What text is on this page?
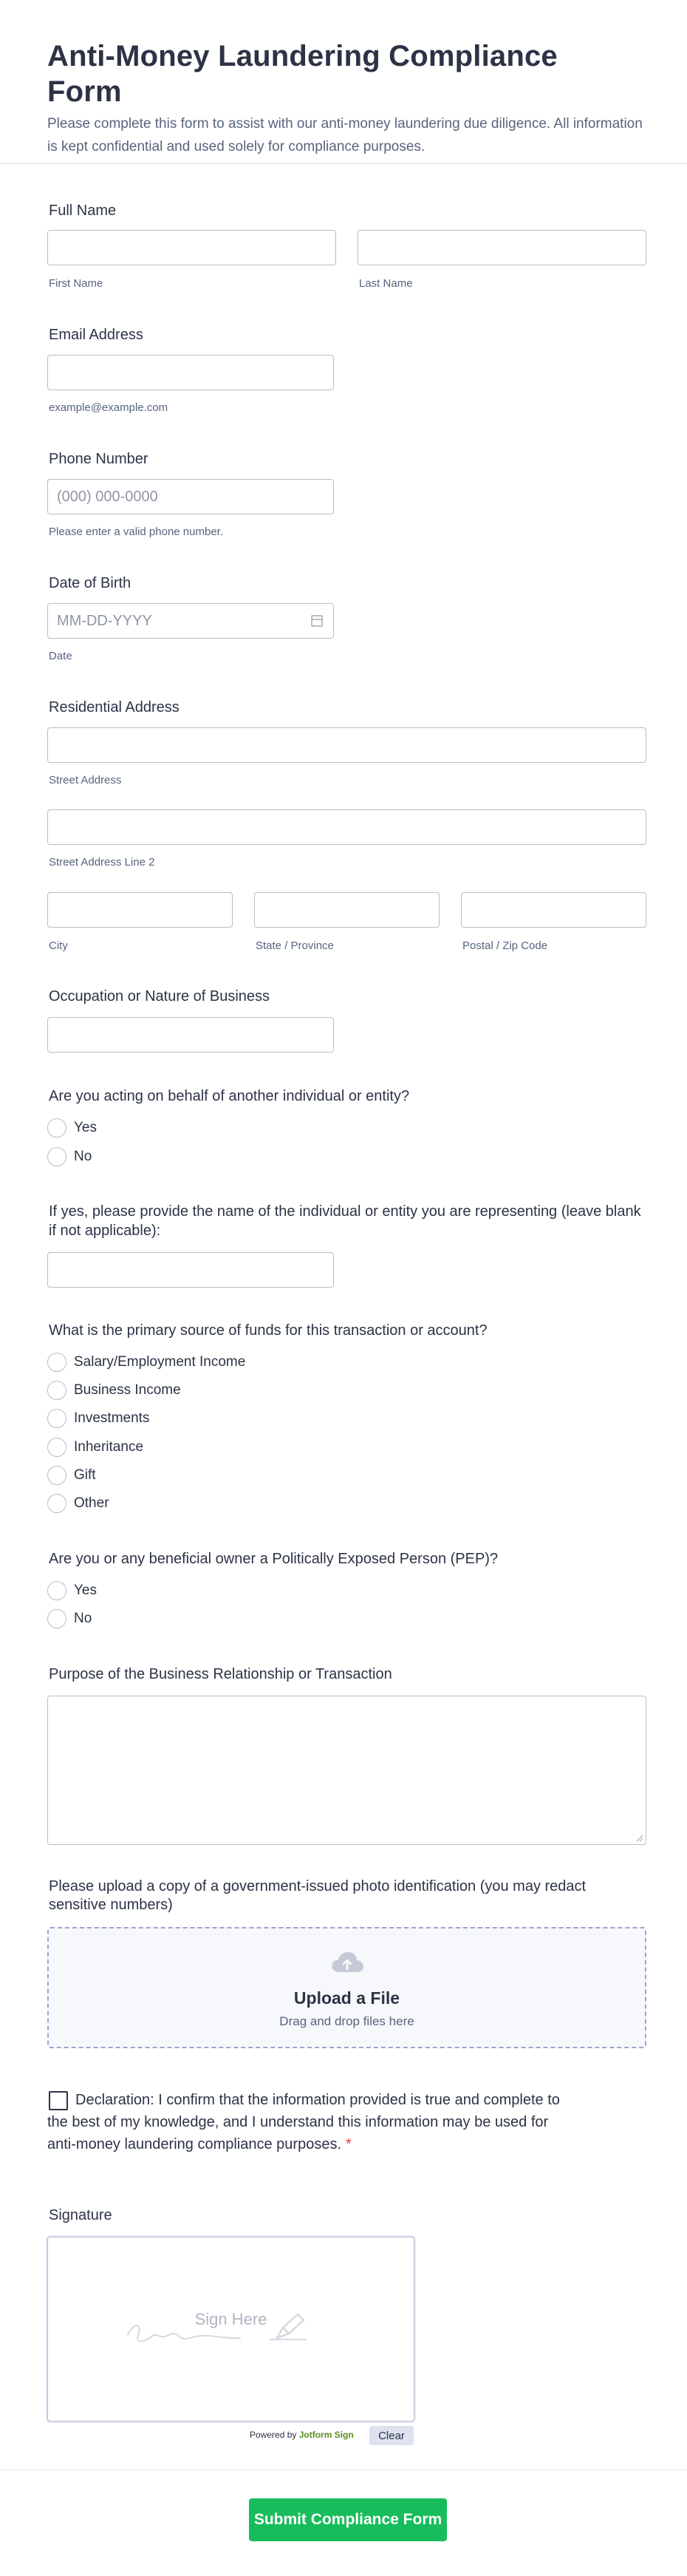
Anti-Money Laundering Compliance Form

Please complete this form to assist with our anti-money laundering due diligence. All information is kept confidential and used solely for compliance purposes.

Full Name
First Name	Last Name
Email Address
example@example.com
Phone Number
(000) 000-0000
Please enter a valid phone number.
Date of Birth
MM-DD-YYYY
Date
Residential Address
Street Address
Street Address Line 2
City	State / Province	Postal / Zip Code
Occupation or Nature of Business
Are you acting on behalf of another individual or entity?
Yes
No
If yes, please provide the name of the individual or entity you are representing (leave blank if not applicable):
What is the primary source of funds for this transaction or account?
Salary/Employment Income
Business Income
Investments
Inheritance
Gift
Other
Are you or any beneficial owner a Politically Exposed Person (PEP)?
Yes
No
Purpose of the Business Relationship or Transaction
Please upload a copy of a government-issued photo identification (you may redact sensitive numbers)
Upload a File
Drag and drop files here

Declaration: I confirm that the information provided is true and complete to the best of my knowledge, and I understand this information may be used for anti-money laundering compliance purposes. *

Signature
Sign Here
Powered by Jotform Sign	Clear
Submit Compliance Form
